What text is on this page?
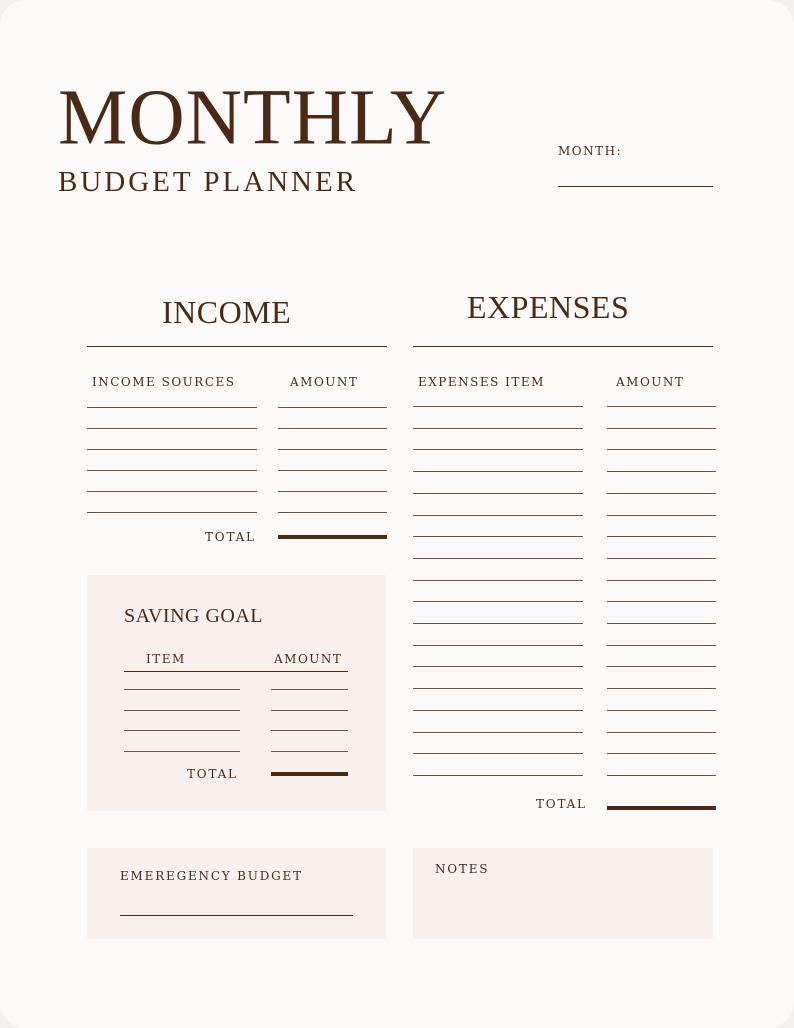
MONTHLY
BUDGET PLANNER
MONTH:
INCOME
INCOME SOURCES	AMOUNT
TOTAL
EXPENSES
EXPENSES ITEM	AMOUNT
TOTAL
SAVING GOAL
ITEM	AMOUNT
TOTAL
EMEREGENCY BUDGET	NOTES
